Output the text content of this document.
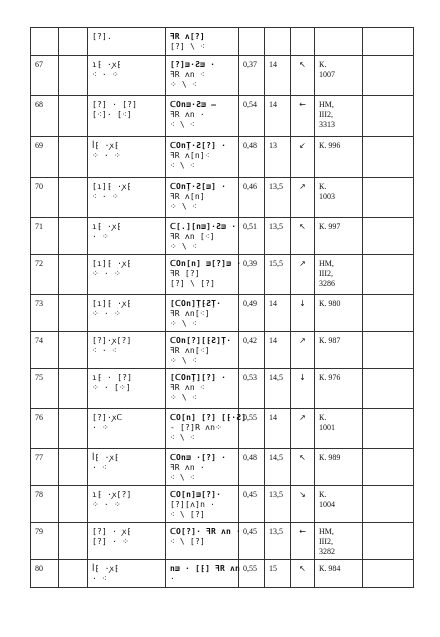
		[?].	ꟻR ʌ[?]
[?] \ ⁖					

67		ı⁅ ·ꭗ⁅
⁖ · ⁘	[?]ᴟ·Ƨᴟ ·
ꟻR ʌn ⁖
⁘ \ ⁖	0,37	14	↖	К.
1007	

68		[?] · [?]
[⁖]· [⁖]	ᑕOnᴟ·Ƨᴟ –
ꟻR ʌn ·
⁖ \ ⁖	0,54	14	←	НМ,
ІІІ2,
3313	

69		ꟾ⁅ ·ꭗ⁅
⁘ · ⁘	ᑕOnŢ·Ƨ[?] ·
ꟻR ʌ[n]⁖
⁖ \ ⁖	0,48	13	↙	К. 996	

70		[ı]⁅ ·ꭗ⁅
⁖ · ⁘	ᑕOnŢ·Ƨ[ᴟ] ·
ꟻR ʌ[n]
⁘ \ ⁖	0,46	13,5	↗	К.
1003	

71		ı⁅ ·ꭗ⁅
· ⁘	ᑕ[.][nᴟ]·Ƨᴟ ·
ꟻR ʌn [⁖]
⁘ \ ⁖	0,51	13,5	↖	К. 997	

72		[ı]⁅ ·ꭗ⁅
⁘ · ⁘	ᑕOn[n] ᴟ[?]ᴟ ·
ꟻR [?]
[?] \ [?]	0,39	15,5	↗	НМ,
ІІІ2,
3286	

73		[ı]⁅ ·ꭗ⁅
⁘ · ⁘	[ᑕOn]Ţ⁅ƧŢ·
ꟻR ʌn[⁖]
⁘ \ ⁖	0,49	14	↓	К. 980	

74		[?]·ꭗ[?]
⁖ · ⁖	ᑕOn[?][⁅Ƨ]Ţ·
ꟻR ʌn[⁖]
⁘ \ ⁖	0,42	14	↗	К. 987	

75		ı⁅ · [?]
⁘ · [⁘]	[ᑕOnŢ][?] ·
ꟻR ʌn ⁖
⁘ \ ⁖	0,53	14,5	↓	К. 976	

76		[?]·ꭗᑕ
· ⁘	ᑕO[n] [?] [⁅·Ƨ]
- [?]R ʌn⁘
⁖ \ ⁖	0,55	14	↗	К.
1001	

77		ꟾ⁅ ·ꭗ⁅
· ⁖	ᑕOnᴟ ·[?] ·
ꟻR ʌn ·
⁖ \ ⁖	0,48	14,5	↖	К. 989	

78		ı⁅ ·ꭗ[?]
⁘ · ⁘	ᑕO[n]ᴟ[?]·
[?][ʌ]n ·
⁖ \ [?]	0,45	13,5	↘	К.
1004	

79		[?] · ꭗ⁅
[?] · ⁘	ᑕO[?]· ꟻR ʌn ·
⁖ \ [?]	0,45	13,5	←	НМ,
ІІІ2,
3282	

80		ꟾ⁅ ·ꭗ⁅
· ⁖	nᴟ · [⁅] ꟻR ʌn
·	0,55	15	↖	К. 984	
